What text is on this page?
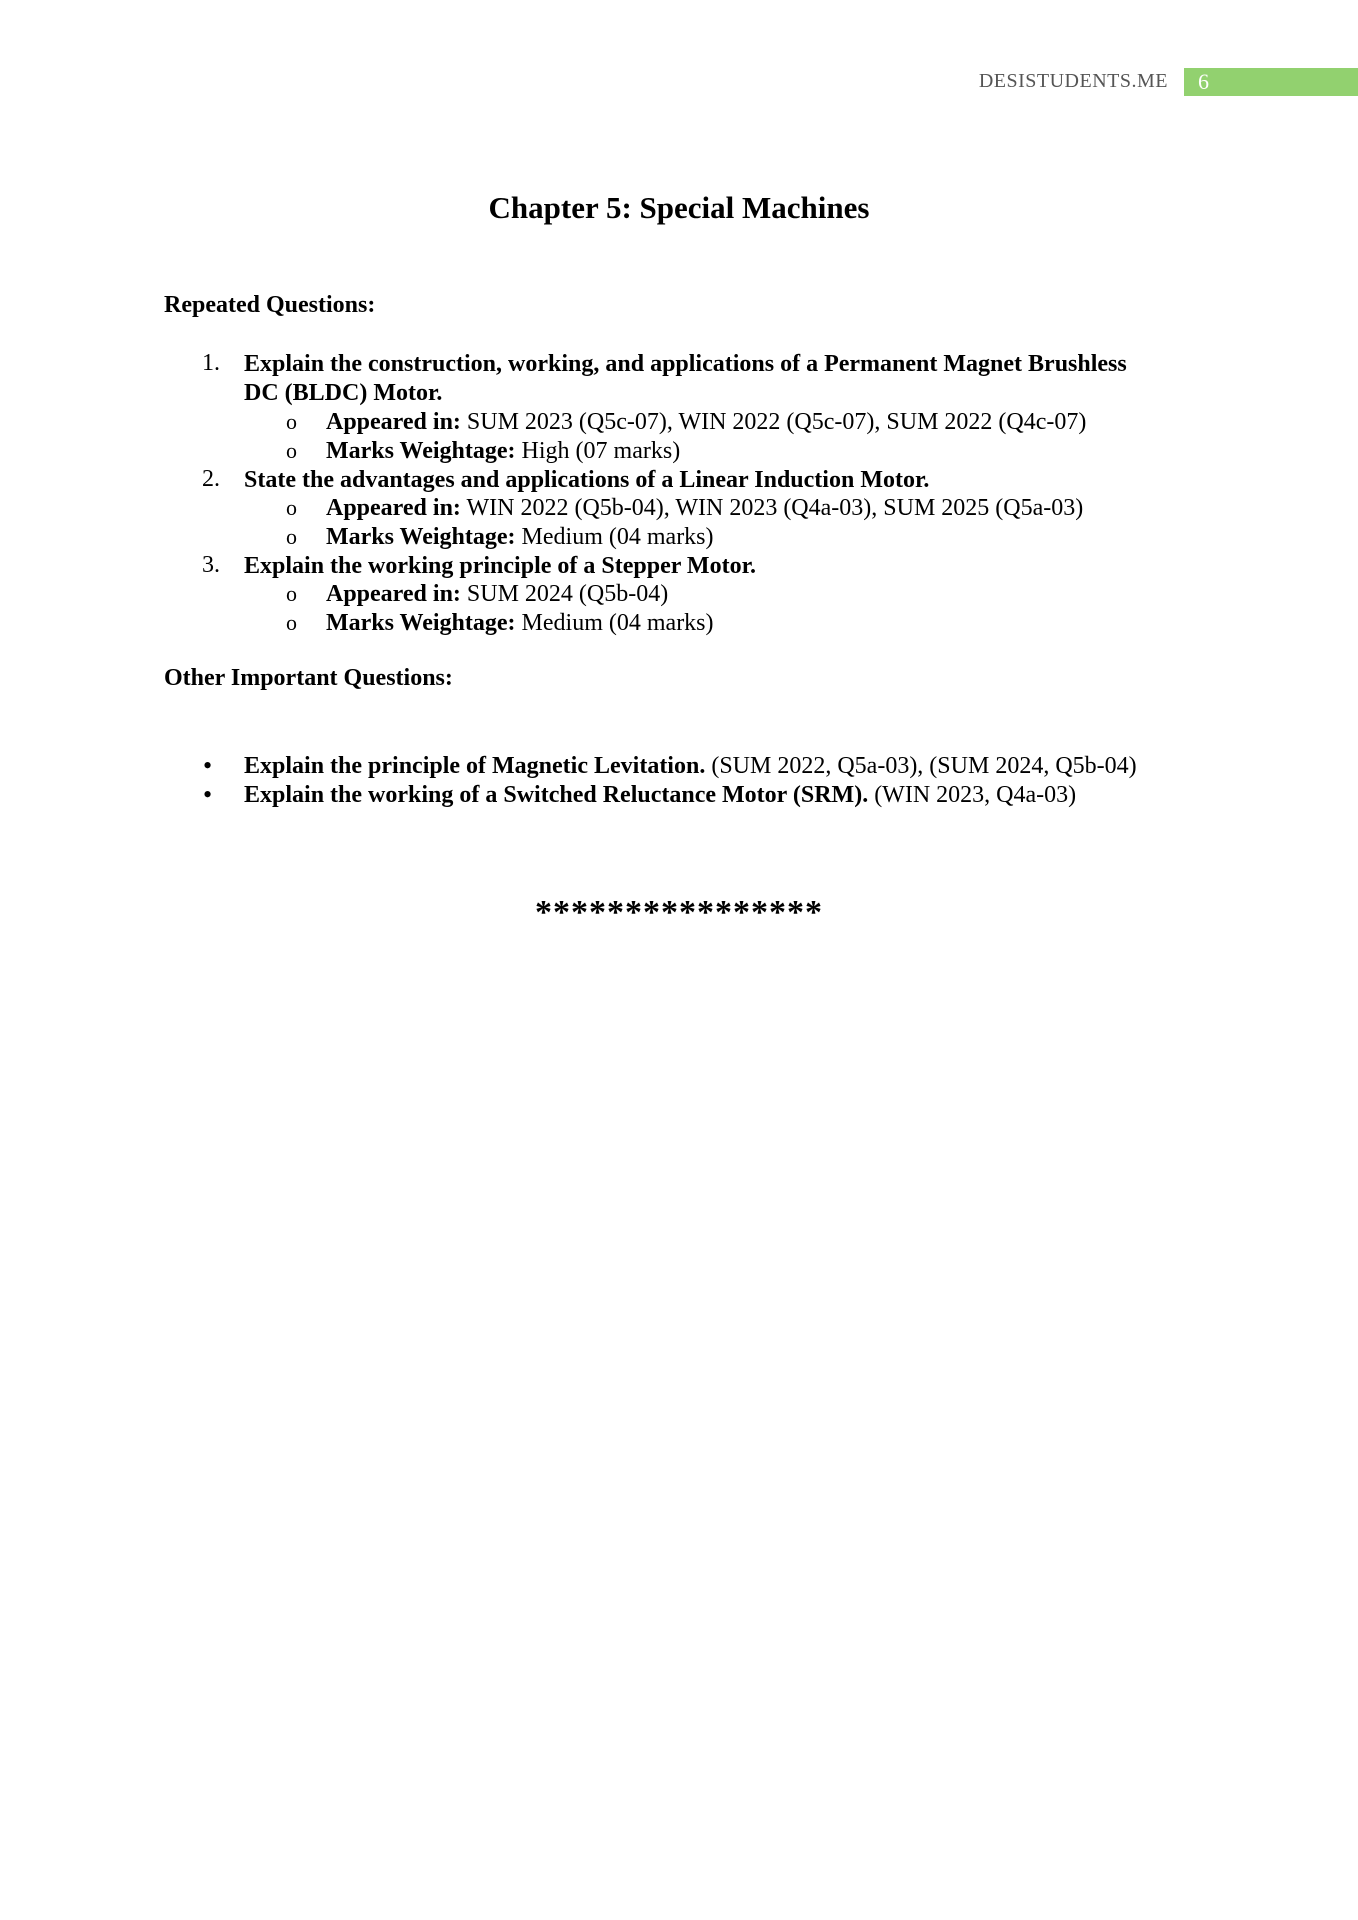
DESISTUDENTS.ME 6
Chapter 5: Special Machines
Repeated Questions:
1. Explain the construction, working, and applications of a Permanent Magnet Brushless
DC (BLDC) Motor.
o Appeared in: SUM 2023 (Q5c-07), WIN 2022 (Q5c-07), SUM 2022 (Q4c-07)
o Marks Weightage: High (07 marks)
2. State the advantages and applications of a Linear Induction Motor.
o Appeared in: WIN 2022 (Q5b-04), WIN 2023 (Q4a-03), SUM 2025 (Q5a-03)
o Marks Weightage: Medium (04 marks)
3. Explain the working principle of a Stepper Motor.
o Appeared in: SUM 2024 (Q5b-04)
o Marks Weightage: Medium (04 marks)
Other Important Questions:
• Explain the principle of Magnetic Levitation. (SUM 2022, Q5a-03), (SUM 2024, Q5b-04)
• Explain the working of a Switched Reluctance Motor (SRM). (WIN 2023, Q4a-03)
****************
